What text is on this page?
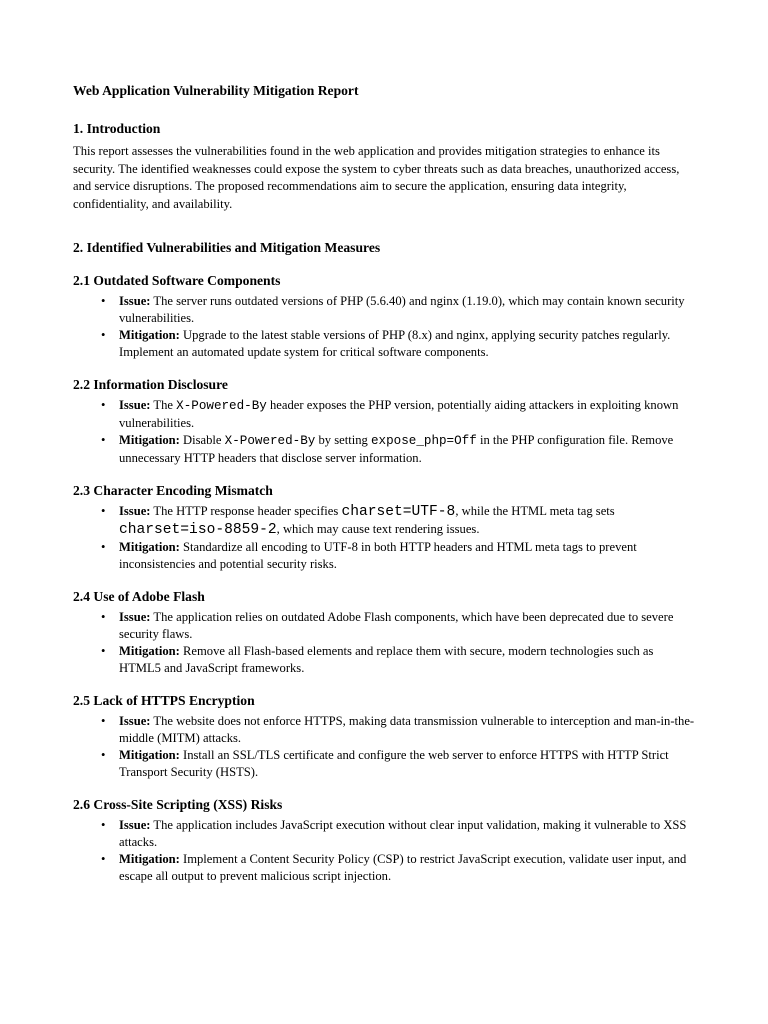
Web Application Vulnerability Mitigation Report
1. Introduction

This report assesses the vulnerabilities found in the web application and provides mitigation strategies to enhance its security. The identified weaknesses could expose the system to cyber threats such as data breaches, unauthorized access, and service disruptions. The proposed recommendations aim to secure the application, ensuring data integrity, confidentiality, and availability.

2. Identified Vulnerabilities and Mitigation Measures
2.1 Outdated Software Components
• Issue: The server runs outdated versions of PHP (5.6.40) and nginx (1.19.0), which may contain known security vulnerabilities.
• Mitigation: Upgrade to the latest stable versions of PHP (8.x) and nginx, applying security patches regularly. Implement an automated update system for critical software components.
2.2 Information Disclosure
• Issue: The X-Powered-By header exposes the PHP version, potentially aiding attackers in exploiting known vulnerabilities.
• Mitigation: Disable X-Powered-By by setting expose_php=Off in the PHP configuration file. Remove unnecessary HTTP headers that disclose server information.
2.3 Character Encoding Mismatch
• Issue: The HTTP response header specifies charset=UTF-8, while the HTML meta tag sets charset=iso-8859-2, which may cause text rendering issues.
• Mitigation: Standardize all encoding to UTF-8 in both HTTP headers and HTML meta tags to prevent inconsistencies and potential security risks.
2.4 Use of Adobe Flash
• Issue: The application relies on outdated Adobe Flash components, which have been deprecated due to severe security flaws.
• Mitigation: Remove all Flash-based elements and replace them with secure, modern technologies such as HTML5 and JavaScript frameworks.
2.5 Lack of HTTPS Encryption
• Issue: The website does not enforce HTTPS, making data transmission vulnerable to interception and man-in-the-middle (MITM) attacks.
• Mitigation: Install an SSL/TLS certificate and configure the web server to enforce HTTPS with HTTP Strict Transport Security (HSTS).
2.6 Cross-Site Scripting (XSS) Risks
• Issue: The application includes JavaScript execution without clear input validation, making it vulnerable to XSS attacks.
• Mitigation: Implement a Content Security Policy (CSP) to restrict JavaScript execution, validate user input, and escape all output to prevent malicious script injection.
